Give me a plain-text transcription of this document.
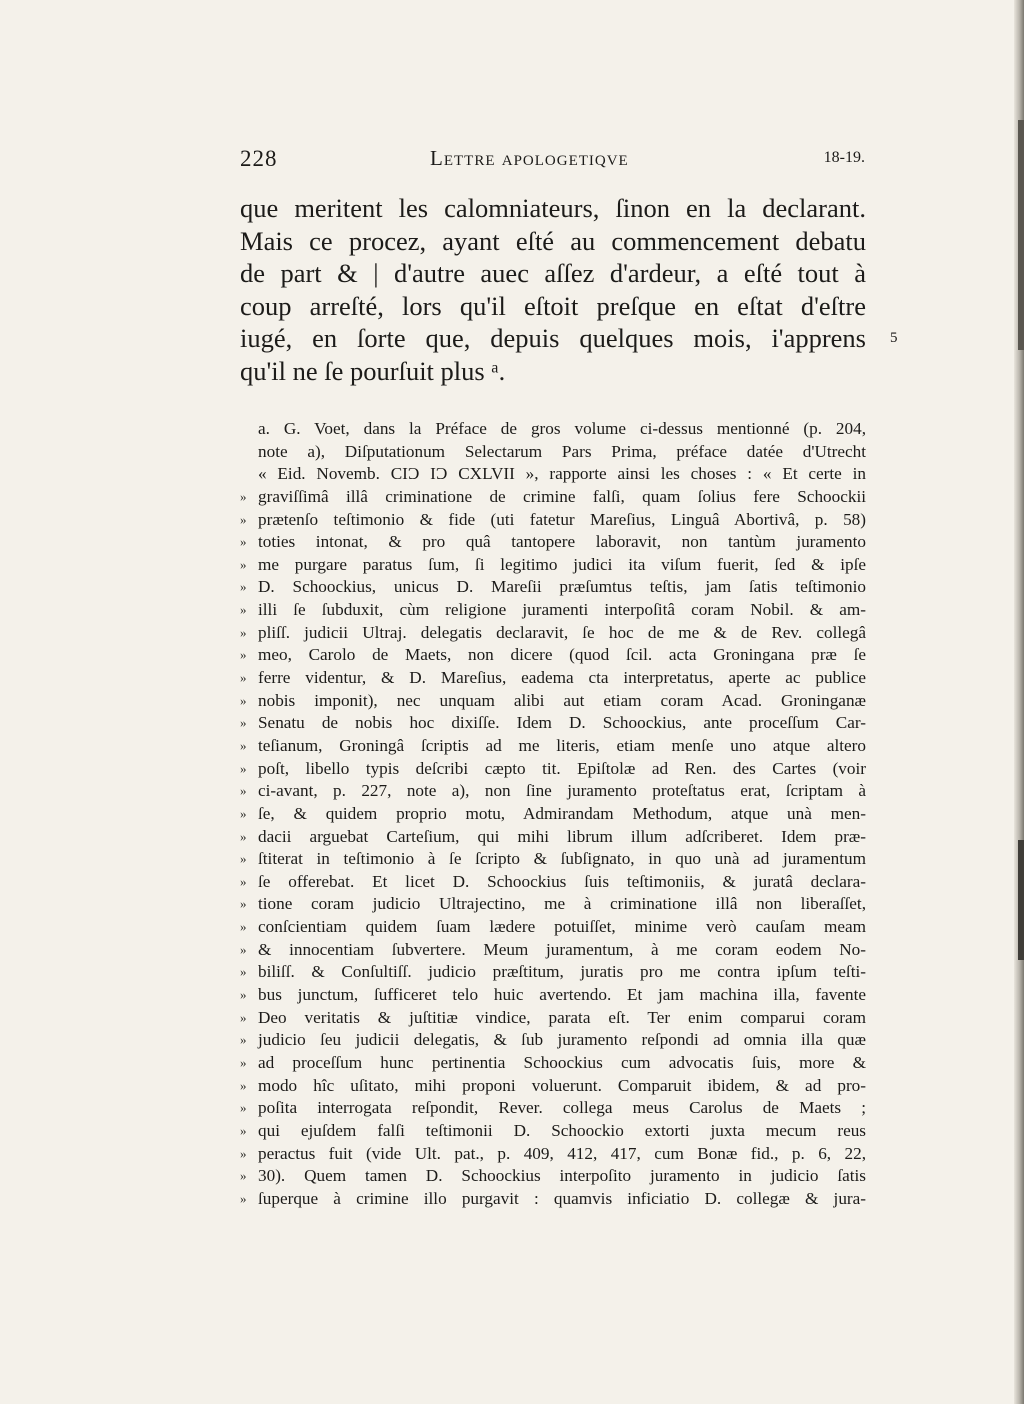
228	Lettre apologetiqve	18-19.
que meritent les calomniateurs, ſinon en la declarant.
Mais ce procez, ayant eſté au commencement debatu
de part & | d'autre auec aſſez d'ardeur, a eſté tout à
coup arreſté, lors qu'il eſtoit preſque en eſtat d'eſtre
iugé, en ſorte que, depuis quelques mois, i'apprens
qu'il ne ſe pourſuit plus ᵃ.
5
a. G. Voet, dans la Préface de gros volume ci-dessus mentionné (p. 204,
note a), Diſputationum Selectarum Pars Prima, préface datée d'Utrecht
« Eid. Novemb. CIƆ IƆ CXLVII », rapporte ainsi les choses : « Et certe in
» graviſſimâ illâ criminatione de crimine falſi, quam ſolius fere Schoockii
» prætenſo teſtimonio & fide (uti fatetur Mareſius, Linguâ Abortivâ, p. 58)
» toties intonat, & pro quâ tantopere laboravit, non tantùm juramento
» me purgare paratus ſum, ſi legitimo judici ita viſum fuerit, ſed & ipſe
» D. Schoockius, unicus D. Mareſii præſumtus teſtis, jam ſatis teſtimonio
» illi ſe ſubduxit, cùm religione juramenti interpoſitâ coram Nobil. & am-
» pliſſ. judicii Ultraj. delegatis declaravit, ſe hoc de me & de Rev. collegâ
» meo, Carolo de Maets, non dicere (quod ſcil. acta Groningana præ ſe
» ferre videntur, & D. Mareſius, eadema cta interpretatus, aperte ac publice
» nobis imponit), nec unquam alibi aut etiam coram Acad. Groninganæ
» Senatu de nobis hoc dixiſſe. Idem D. Schoockius, ante proceſſum Car-
» teſianum, Groningâ ſcriptis ad me literis, etiam menſe uno atque altero
» poſt, libello typis deſcribi cæpto tit. Epiſtolæ ad Ren. des Cartes (voir
» ci-avant, p. 227, note a), non ſine juramento proteſtatus erat, ſcriptam à
» ſe, & quidem proprio motu, Admirandam Methodum, atque unà men-
» dacii arguebat Carteſium, qui mihi librum illum adſcriberet. Idem præ-
» ſtiterat in teſtimonio à ſe ſcripto & ſubſignato, in quo unà ad juramentum
» ſe offerebat. Et licet D. Schoockius ſuis teſtimoniis, & juratâ declara-
» tione coram judicio Ultrajectino, me à criminatione illâ non liberaſſet,
» conſcientiam quidem ſuam lædere potuiſſet, minime verò cauſam meam
» & innocentiam ſubvertere. Meum juramentum, à me coram eodem No-
» biliſſ. & Conſultiſſ. judicio præſtitum, juratis pro me contra ipſum teſti-
» bus junctum, ſufficeret telo huic avertendo. Et jam machina illa, favente
» Deo veritatis & juſtitiæ vindice, parata eſt. Ter enim comparui coram
» judicio ſeu judicii delegatis, & ſub juramento reſpondi ad omnia illa quæ
» ad proceſſum hunc pertinentia Schoockius cum advocatis ſuis, more &
» modo hîc uſitato, mihi proponi voluerunt. Comparuit ibidem, & ad pro-
» poſita interrogata reſpondit, Rever. collega meus Carolus de Maets ;
» qui ejuſdem falſi teſtimonii D. Schoockio extorti juxta mecum reus
» peractus fuit (vide Ult. pat., p. 409, 412, 417, cum Bonæ fid., p. 6, 22,
» 30). Quem tamen D. Schoockius interpoſito juramento in judicio ſatis
» ſuperque à crimine illo purgavit : quamvis inficiatio D. collegæ & jura-
